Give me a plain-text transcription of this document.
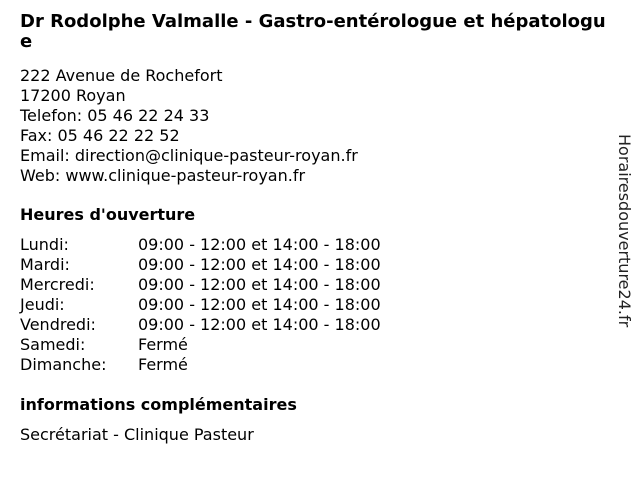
Dr Rodolphe Valmalle - Gastro-entérologue et hépatologue
222 Avenue de Rochefort
17200 Royan
Telefon: 05 46 22 24 33
Fax: 05 46 22 22 52
Email: direction@clinique-pasteur-royan.fr
Web: www.clinique-pasteur-royan.fr
Heures d'ouverture
Lundi:	09:00 - 12:00 et 14:00 - 18:00
Mardi:	09:00 - 12:00 et 14:00 - 18:00
Mercredi:	09:00 - 12:00 et 14:00 - 18:00
Jeudi:	09:00 - 12:00 et 14:00 - 18:00
Vendredi:	09:00 - 12:00 et 14:00 - 18:00
Samedi:	Fermé
Dimanche:	Fermé
informations complémentaires
Secrétariat - Clinique Pasteur
Horairesdouverture24.fr
